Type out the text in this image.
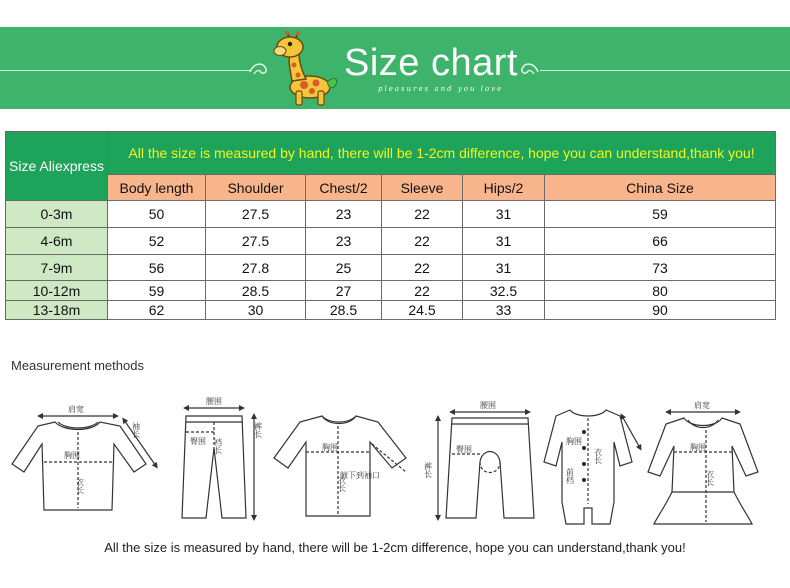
Size chart
pleasures and you love
Size Aliexpress	All the size is measured by hand, there will be 1-2cm difference, hope you can understand,thank you!					
	Body length	Shoulder	Chest/2	Sleeve	Hips/2	China Size
0-3m	50	27.5	23	22	31	59
4-6m	52	27.5	23	22	31	66
7-9m	56	27.8	25	22	31	73
10-12m	59	28.5	27	22	32.5	80
13-18m	62	30	28.5	24.5	33	90
Measurement methods
肩宽
胸围
衣长
袖长
腰围
裆长
裤长
臀围
胸围
衣长
腋下到袖口
腰围
臀围
裤长
胸围
前档
衣长
肩宽
胸围
衣长
All the size is measured by hand, there will be 1-2cm difference, hope you can understand,thank you!
